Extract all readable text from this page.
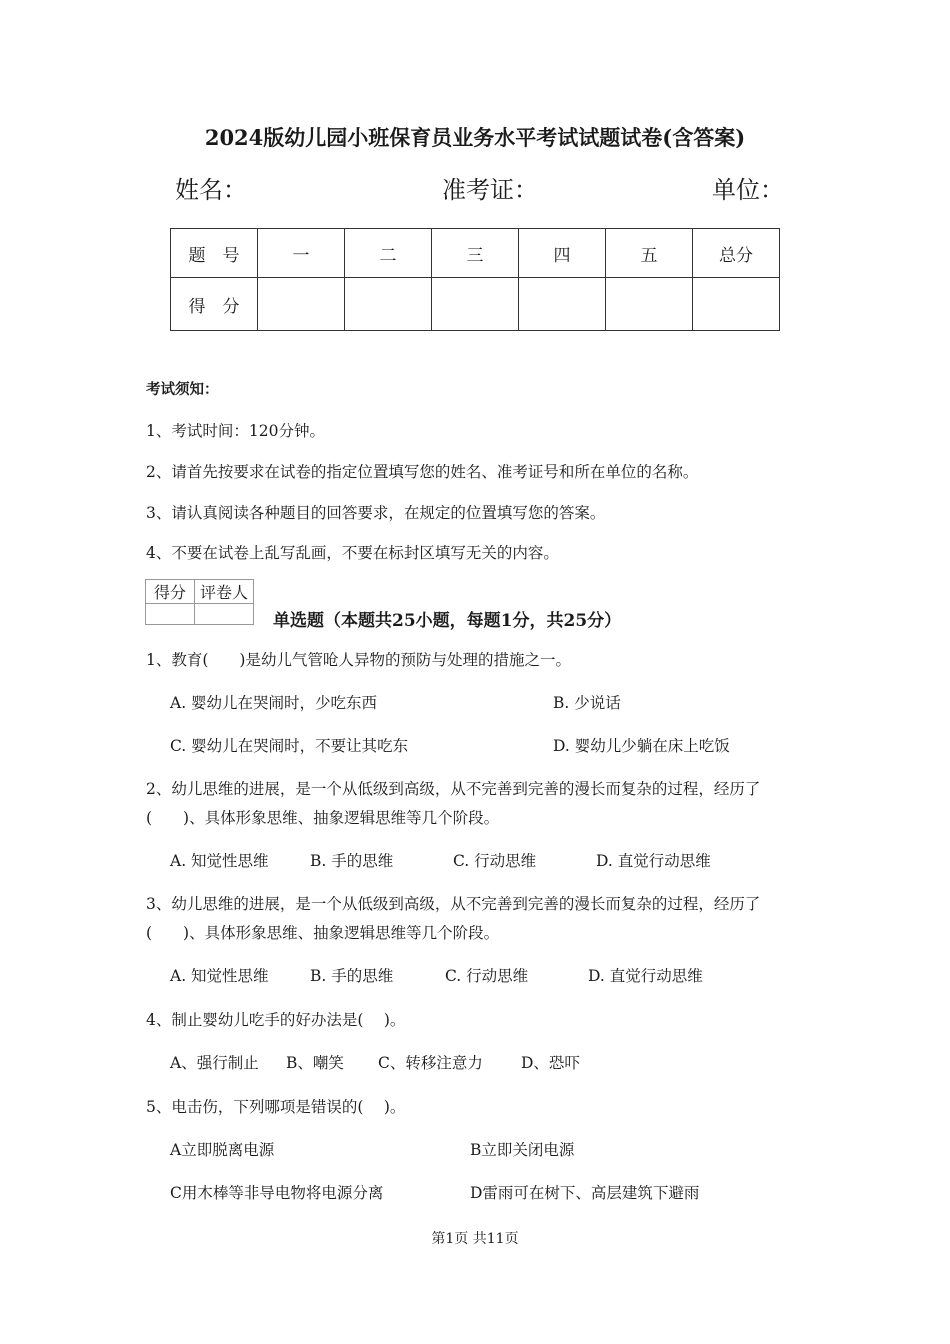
2024版幼儿园小班保育员业务水平考试试题试卷(含答案)
姓名：	准考证：	单位：
题　号	一	二	三	四	五	总分
得　分						
考试须知：
1、考试时间：120分钟。
2、请首先按要求在试卷的指定位置填写您的姓名、准考证号和所在单位的名称。
3、请认真阅读各种题目的回答要求，在规定的位置填写您的答案。
4、不要在试卷上乱写乱画，不要在标封区填写无关的内容。
得分	评卷人

单选题（本题共25小题，每题1分，共25分）
1、教育(　　)是幼儿气管呛人异物的预防与处理的措施之一。
A. 婴幼儿在哭闹时，少吃东西	B. 少说话
C. 婴幼儿在哭闹时，不要让其吃东	D. 婴幼儿少躺在床上吃饭
2、幼儿思维的进展，是一个从低级到高级，从不完善到完善的漫长而复杂的过程，经历了
(　　)、具体形象思维、抽象逻辑思维等几个阶段。
A. 知觉性思维	B. 手的思维	C. 行动思维	D. 直觉行动思维
3、幼儿思维的进展，是一个从低级到高级，从不完善到完善的漫长而复杂的过程，经历了
(　　)、具体形象思维、抽象逻辑思维等几个阶段。
A. 知觉性思维	B. 手的思维	C. 行动思维	D. 直觉行动思维
4、制止婴幼儿吃手的好办法是(　 )。
A、强行制止 B、嘲笑 C、转移注意力 D、恐吓
5、电击伤，下列哪项是错误的(　 )。
A立即脱离电源	B立即关闭电源
C用木棒等非导电物将电源分离	D雷雨可在树下、高层建筑下避雨
第1页 共11页
